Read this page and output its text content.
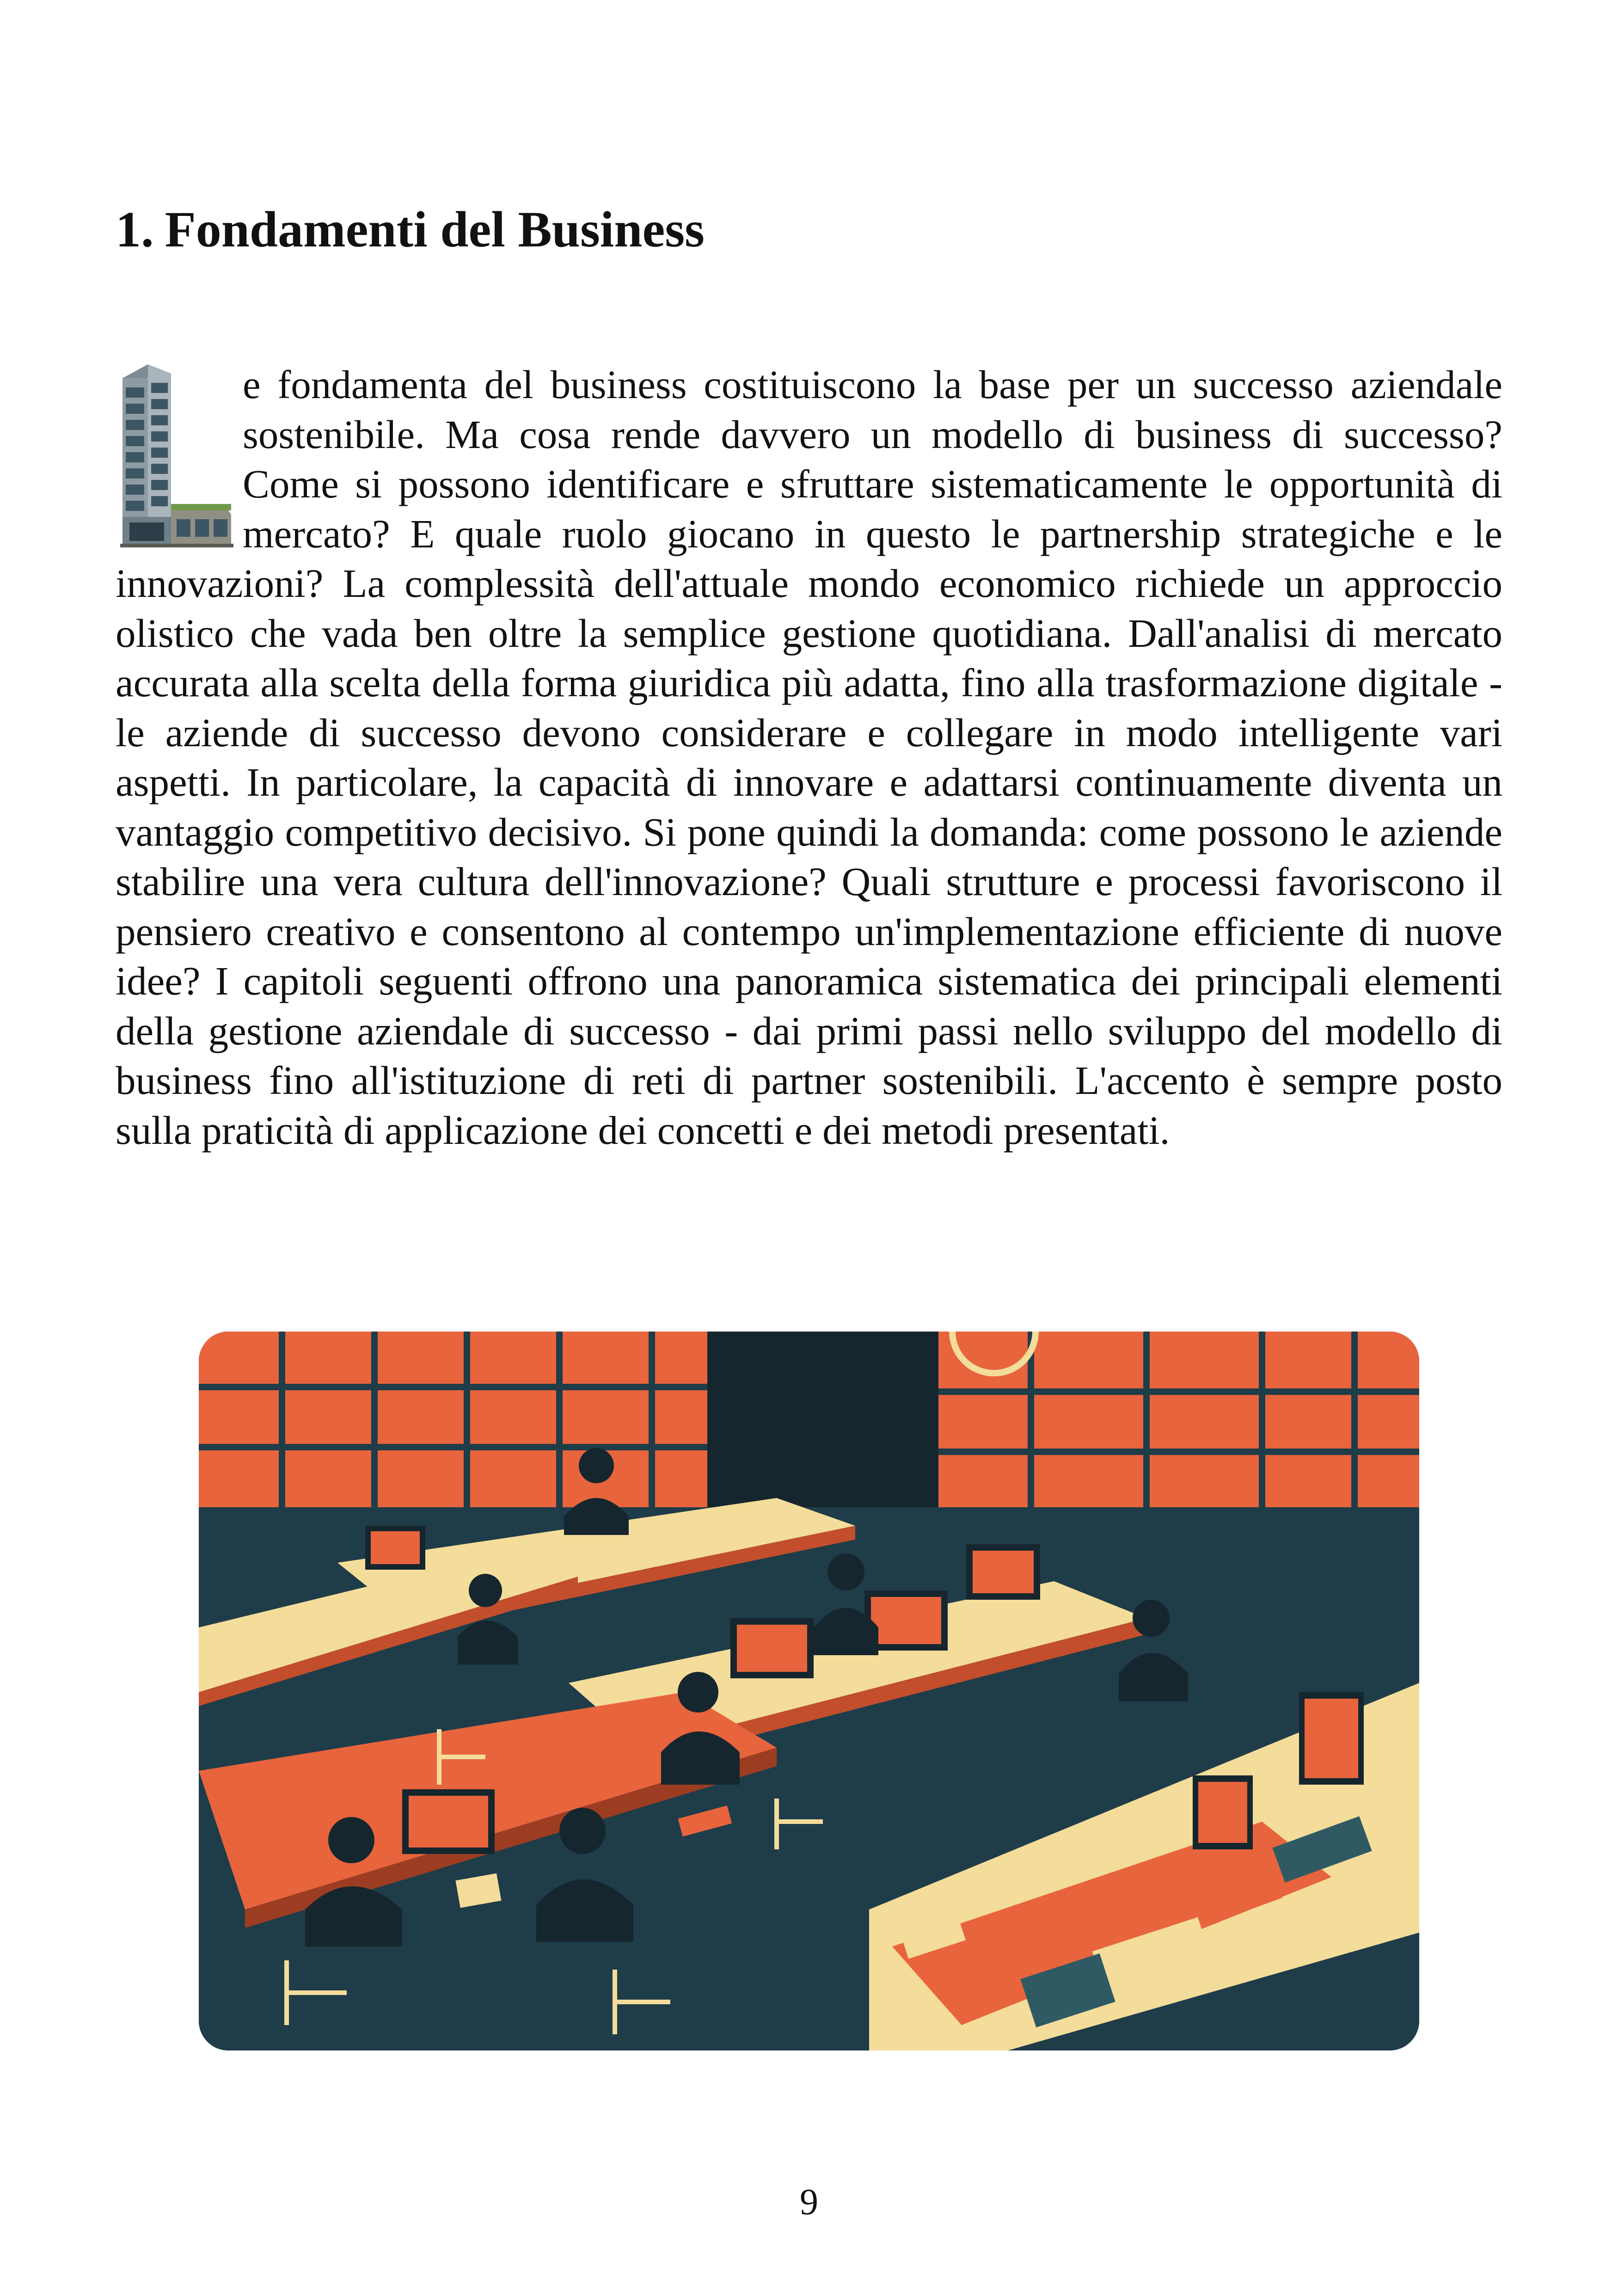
1. Fondamenti del Business
e fondamenta del business costituiscono la base per un successo aziendale sostenibile. Ma cosa rende davvero un modello di business di successo? Come si possono identificare e sfruttare sistematicamente le opportunità di mercato? E quale ruolo giocano in questo le partnership strategiche e le innovazioni? La complessità dell'attuale mondo economico richiede un approccio olistico che vada ben oltre la semplice gestione quotidiana. Dall'analisi di mercato accurata alla scelta della forma giuridica più adatta, fino alla trasformazione digitale - le aziende di successo devono considerare e collegare in modo intelligente vari aspetti. In particolare, la capacità di innovare e adattarsi continuamente diventa un vantaggio competitivo decisivo. Si pone quindi la domanda: come possono le aziende stabilire una vera cultura dell'innovazione? Quali strutture e processi favoriscono il pensiero creativo e consentono al contempo un'implementazione efficiente di nuove idee? I capitoli seguenti offrono una panoramica sistematica dei principali elementi della gestione aziendale di successo - dai primi passi nello sviluppo del modello di business fino all'istituzione di reti di partner sostenibili. L'accento è sempre posto sulla praticità di applicazione dei concetti e dei metodi presentati.
9
